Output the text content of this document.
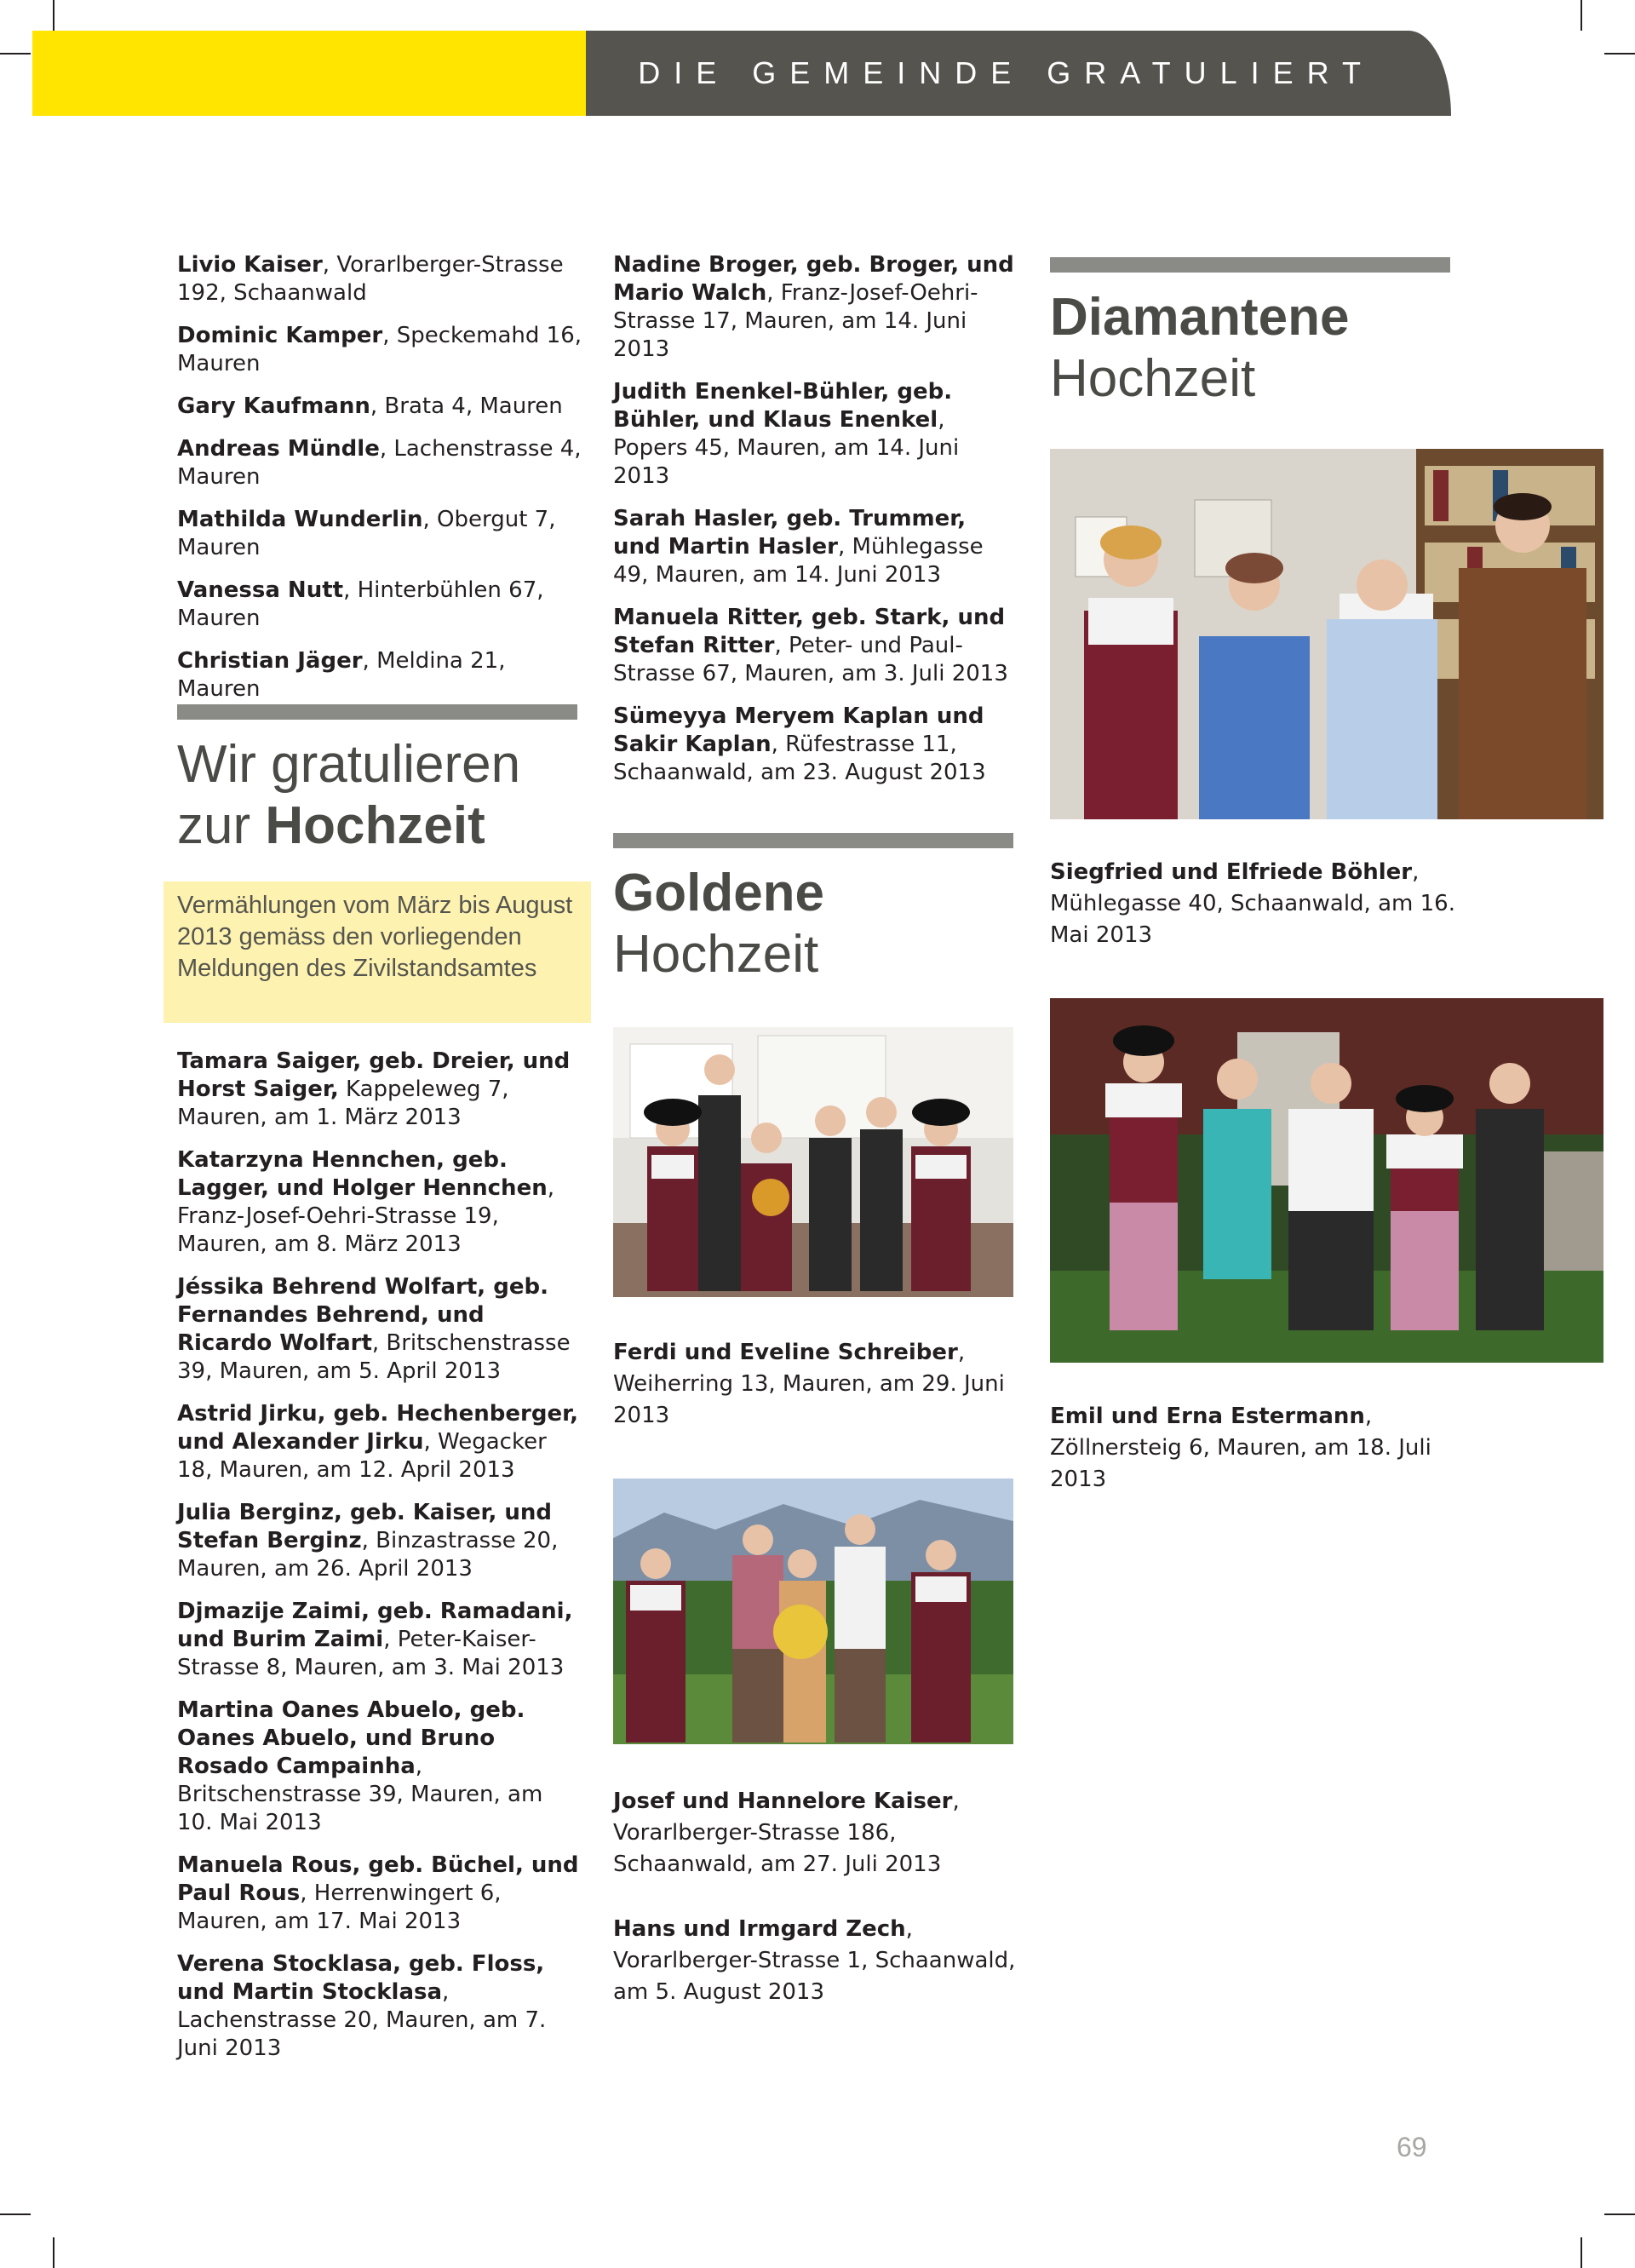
DIE GEMEINDE GRATULIERT

Livio Kaiser, Vorarlberger-Strasse 192, Schaanwald

Dominic Kamper, Speckemahd 16, Mauren

Gary Kaufmann, Brata 4, Mauren

Andreas Mündle, Lachenstrasse 4, Mauren

Mathilda Wunderlin, Obergut 7, Mauren

Vanessa Nutt, Hinterbühlen 67, Mauren

Christian Jäger, Meldina 21, Mauren

Wir gratulieren
zur Hochzeit
Vermählungen vom März bis August 2013 gemäss den vorliegenden Meldungen des Zivilstandsamtes

Tamara Saiger, geb. Dreier, und Horst Saiger, Kappeleweg 7, Mauren, am 1. März 2013

Katarzyna Hennchen, geb. Lagger, und Holger Hennchen, Franz-Josef-Oehri-Strasse 19, Mauren, am 8. März 2013

Jéssika Behrend Wolfart, geb. Fernandes Behrend, und Ricardo Wolfart, Britschenstrasse 39, Mauren, am 5. April 2013

Astrid Jirku, geb. Hechenberger, und Alexander Jirku, Wegacker 18, Mauren, am 12. April 2013

Julia Berginz, geb. Kaiser, und Stefan Berginz, Binzastrasse 20, Mauren, am 26. April 2013

Djmazije Zaimi, geb. Ramadani, und Burim Zaimi, Peter-Kaiser-Strasse 8, Mauren, am 3. Mai 2013

Martina Oanes Abuelo, geb. Oanes Abuelo, und Bruno Rosado Campainha, Britschenstrasse 39, Mauren, am 10. Mai 2013

Manuela Rous, geb. Büchel, und Paul Rous, Herrenwingert 6, Mauren, am 17. Mai 2013

Verena Stocklasa, geb. Floss, und Martin Stocklasa, Lachenstrasse 20, Mauren, am 7. Juni 2013

Nadine Broger, geb. Broger, und Mario Walch, Franz-Josef-Oehri-Strasse 17, Mauren, am 14. Juni 2013

Judith Enenkel-Bühler, geb. Bühler, und Klaus Enenkel, Popers 45, Mauren, am 14. Juni 2013

Sarah Hasler, geb. Trummer, und Martin Hasler, Mühlegasse 49, Mauren, am 14. Juni 2013

Manuela Ritter, geb. Stark, und Stefan Ritter, Peter- und Paul-Strasse 67, Mauren, am 3. Juli 2013

Sümeyya Meryem Kaplan und Sakir Kaplan, Rüfestrasse 11, Schaanwald, am 23. August 2013

Goldene
Hochzeit
Ferdi und Eveline Schreiber, Weiherring 13, Mauren, am 29. Juni 2013
Josef und Hannelore Kaiser, Vorarlberger-Strasse 186, Schaanwald, am 27. Juli 2013
Hans und Irmgard Zech, Vorarlberger-Strasse 1, Schaanwald, am 5. August 2013
Diamantene
Hochzeit
Siegfried und Elfriede Böhler, Mühlegasse 40, Schaanwald, am 16. Mai 2013
Emil und Erna Estermann, Zöllnersteig 6, Mauren, am 18. Juli 2013
69
